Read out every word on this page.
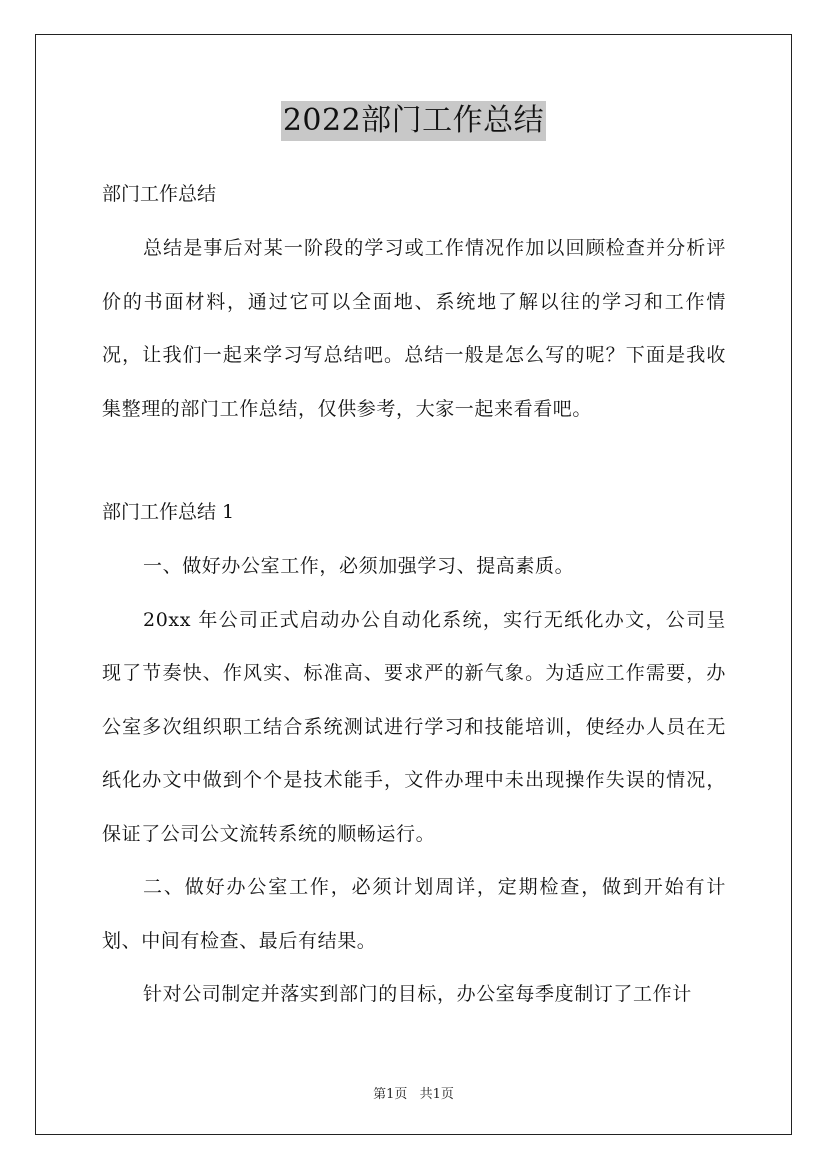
2022部门工作总结
部门工作总结

总结是事后对某一阶段的学习或工作情况作加以回顾检查并分析评价的书面材料，通过它可以全面地、系统地了解以往的学习和工作情况，让我们一起来学习写总结吧。总结一般是怎么写的呢？下面是我收集整理的部门工作总结，仅供参考，大家一起来看看吧。

部门工作总结 1

一、做好办公室工作，必须加强学习、提高素质。

20xx 年公司正式启动办公自动化系统，实行无纸化办文，公司呈现了节奏快、作风实、标准高、要求严的新气象。为适应工作需要，办公室多次组织职工结合系统测试进行学习和技能培训，使经办人员在无纸化办文中做到个个是技术能手，文件办理中未出现操作失误的情况，保证了公司公文流转系统的顺畅运行。

二、做好办公室工作，必须计划周详，定期检查，做到开始有计划、中间有检查、最后有结果。

针对公司制定并落实到部门的目标，办公室每季度制订了工作计

第1页 共1页
